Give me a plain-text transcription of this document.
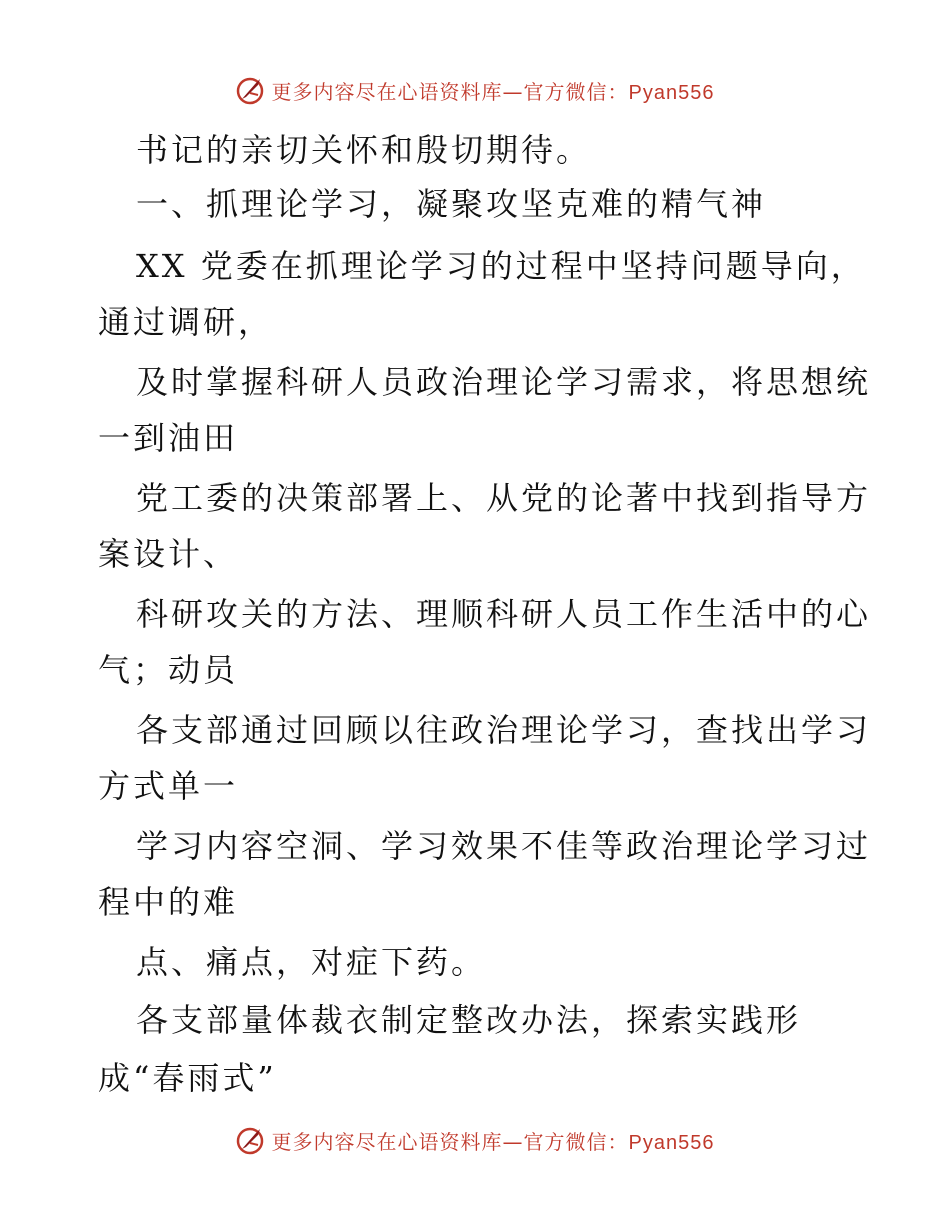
更多内容尽在心语资料库—官方微信：Pyan556
书记的亲切关怀和殷切期待。
一、抓理论学习，凝聚攻坚克难的精气神
XX 党委在抓理论学习的过程中坚持问题导向，
通过调研，
及时掌握科研人员政治理论学习需求，将思想统
一到油田
党工委的决策部署上、从党的论著中找到指导方
案设计、
科研攻关的方法、理顺科研人员工作生活中的心
气；动员
各支部通过回顾以往政治理论学习，查找出学习
方式单一
学习内容空洞、学习效果不佳等政治理论学习过
程中的难
点、痛点，对症下药。
各支部量体裁衣制定整改办法，探索实践形
成“春雨式”
更多内容尽在心语资料库—官方微信：Pyan556
